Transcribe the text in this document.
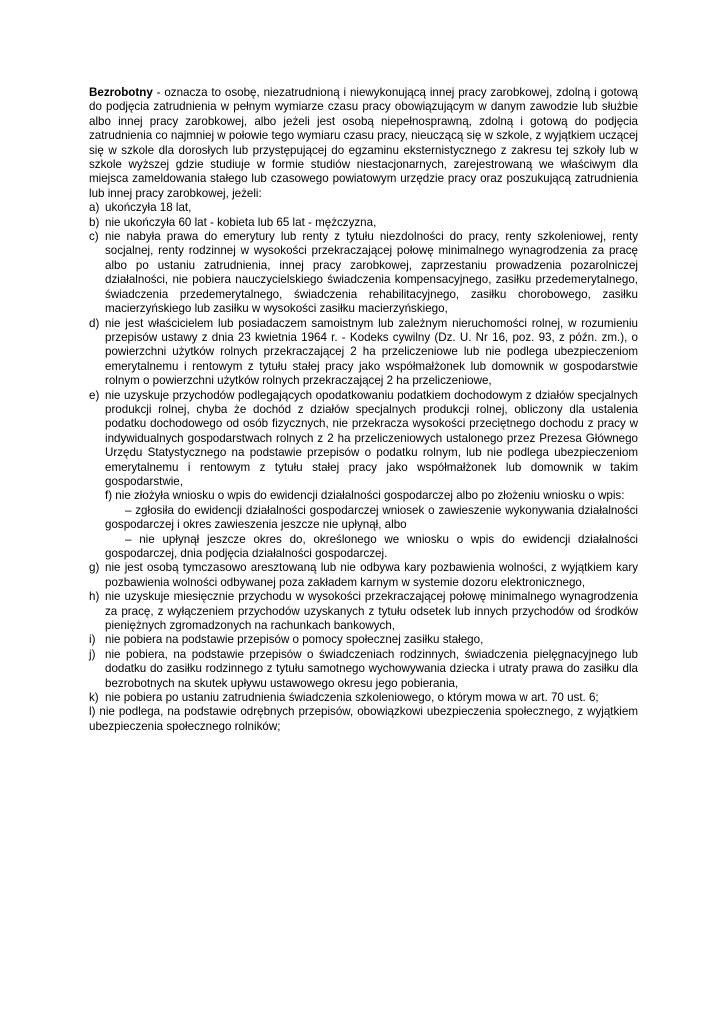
Bezrobotny - oznacza to osobę, niezatrudnioną i niewykonującą innej pracy zarobkowej, zdolną i gotową do podjęcia zatrudnienia w pełnym wymiarze czasu pracy obowiązującym w danym zawodzie lub służbie albo innej pracy zarobkowej, albo jeżeli jest osobą niepełnosprawną, zdolną i gotową do podjęcia zatrudnienia co najmniej w połowie tego wymiaru czasu pracy, nieuczącą się w szkole, z wyjątkiem uczącej się w szkole dla dorosłych lub przystępującej do egzaminu eksternistycznego z zakresu tej szkoły lub w szkole wyższej gdzie studiuje w formie studiów niestacjonarnych, zarejestrowaną we właściwym dla miejsca zameldowania stałego lub czasowego powiatowym urzędzie pracy oraz poszukującą zatrudnienia lub innej pracy zarobkowej, jeżeli:

a) ukończyła 18 lat,
b) nie ukończyła 60 lat - kobieta lub 65 lat - mężczyzna,
c) nie nabyła prawa do emerytury lub renty z tytułu niezdolności do pracy, renty szkoleniowej, renty socjalnej, renty rodzinnej w wysokości przekraczającej połowę minimalnego wynagrodzenia za pracę albo po ustaniu zatrudnienia, innej pracy zarobkowej, zaprzestaniu prowadzenia pozarolniczej działalności, nie pobiera nauczycielskiego świadczenia kompensacyjnego, zasiłku przedemerytalnego, świadczenia przedemerytalnego, świadczenia rehabilitacyjnego, zasiłku chorobowego, zasiłku macierzyńskiego lub zasiłku w wysokości zasiłku macierzyńskiego,
d) nie jest właścicielem lub posiadaczem samoistnym lub zależnym nieruchomości rolnej, w rozumieniu przepisów ustawy z dnia 23 kwietnia 1964 r. - Kodeks cywilny (Dz. U. Nr 16, poz. 93, z późn. zm.), o powierzchni użytków rolnych przekraczającej 2 ha przeliczeniowe lub nie podlega ubezpieczeniom emerytalnemu i rentowym z tytułu stałej pracy jako współmałżonek lub domownik w gospodarstwie rolnym o powierzchni użytków rolnych przekraczającej 2 ha przeliczeniowe,
e) nie uzyskuje przychodów podlegających opodatkowaniu podatkiem dochodowym z działów specjalnych produkcji rolnej, chyba że dochód z działów specjalnych produkcji rolnej, obliczony dla ustalenia podatku dochodowego od osób fizycznych, nie przekracza wysokości przeciętnego dochodu z pracy w indywidualnych gospodarstwach rolnych z 2 ha przeliczeniowych ustalonego przez Prezesa Głównego Urzędu Statystycznego na podstawie przepisów o podatku rolnym, lub nie podlega ubezpieczeniom emerytalnemu i rentowym z tytułu stałej pracy jako współmałżonek lub domownik w takim gospodarstwie,

f) nie złożyła wniosku o wpis do ewidencji działalności gospodarczej albo po złożeniu wniosku o wpis:

– zgłosiła do ewidencji działalności gospodarczej wniosek o zawieszenie wykonywania działalności gospodarczej i okres zawieszenia jeszcze nie upłynął, albo

– nie upłynął jeszcze okres do, określonego we wniosku o wpis do ewidencji działalności gospodarczej, dnia podjęcia działalności gospodarczej.

g) nie jest osobą tymczasowo aresztowaną lub nie odbywa kary pozbawienia wolności, z wyjątkiem kary pozbawienia wolności odbywanej poza zakładem karnym w systemie dozoru elektronicznego,
h) nie uzyskuje miesięcznie przychodu w wysokości przekraczającej połowę minimalnego wynagrodzenia za pracę, z wyłączeniem przychodów uzyskanych z tytułu odsetek lub innych przychodów od środków pieniężnych zgromadzonych na rachunkach bankowych,
i) nie pobiera na podstawie przepisów o pomocy społecznej zasiłku stałego,
j) nie pobiera, na podstawie przepisów o świadczeniach rodzinnych, świadczenia pielęgnacyjnego lub dodatku do zasiłku rodzinnego z tytułu samotnego wychowywania dziecka i utraty prawa do zasiłku dla bezrobotnych na skutek upływu ustawowego okresu jego pobierania,
k) nie pobiera po ustaniu zatrudnienia świadczenia szkoleniowego, o którym mowa w art. 70 ust. 6;

l) nie podlega, na podstawie odrębnych przepisów, obowiązkowi ubezpieczenia społecznego, z wyjątkiem ubezpieczenia społecznego rolników;
